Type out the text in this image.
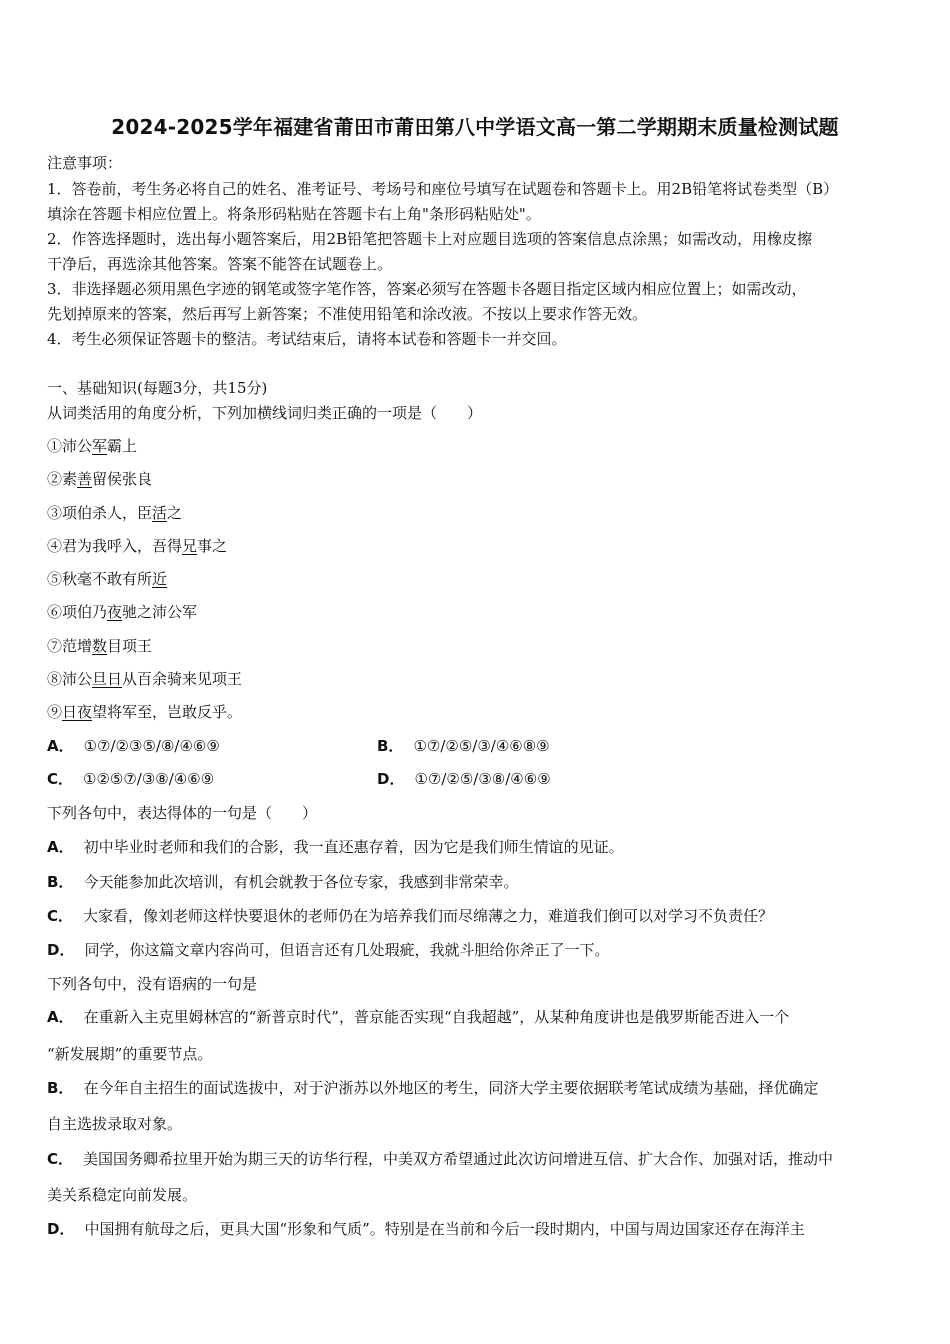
2024-2025学年福建省莆田市莆田第八中学语文高一第二学期期末质量检测试题
注意事项：
1．答卷前，考生务必将自己的姓名、准考证号、考场号和座位号填写在试题卷和答题卡上。用2B铅笔将试卷类型（B）
填涂在答题卡相应位置上。将条形码粘贴在答题卡右上角"条形码粘贴处"。
2．作答选择题时，选出每小题答案后，用2B铅笔把答题卡上对应题目选项的答案信息点涂黑；如需改动，用橡皮擦
干净后，再选涂其他答案。答案不能答在试题卷上。
3．非选择题必须用黑色字迹的钢笔或签字笔作答，答案必须写在答题卡各题目指定区域内相应位置上；如需改动，
先划掉原来的答案，然后再写上新答案；不准使用铅笔和涂改液。不按以上要求作答无效。
4．考生必须保证答题卡的整洁。考试结束后，请将本试卷和答题卡一并交回。
一、基础知识(每题3分，共15分)
从词类活用的角度分析，下列加横线词归类正确的一项是（　　）
①沛公军霸上
②素善留侯张良
③项伯杀人，臣活之
④君为我呼入，吾得兄事之
⑤秋毫不敢有所近
⑥项伯乃夜驰之沛公军
⑦范增数目项王
⑧沛公旦日从百余骑来见项王
⑨日夜望将军至，岂敢反乎。
A． ①⑦/②③⑤/⑧/④⑥⑨	B． ①⑦/②⑤/③/④⑥⑧⑨
C． ①②⑤⑦/③⑧/④⑥⑨	D． ①⑦/②⑤/③⑧/④⑥⑨
下列各句中，表达得体的一句是（　　）
A． 初中毕业时老师和我们的合影，我一直还惠存着，因为它是我们师生情谊的见证。
B． 今天能参加此次培训，有机会就教于各位专家，我感到非常荣幸。
C． 大家看，像刘老师这样快要退休的老师仍在为培养我们而尽绵薄之力，难道我们倒可以对学习不负责任？
D． 同学，你这篇文章内容尚可，但语言还有几处瑕疵，我就斗胆给你斧正了一下。
下列各句中，没有语病的一句是
A． 在重新入主克里姆林宫的“新普京时代”，普京能否实现“自我超越”，从某种角度讲也是俄罗斯能否进入一个
“新发展期”的重要节点。
B． 在今年自主招生的面试选拔中，对于沪浙苏以外地区的考生，同济大学主要依据联考笔试成绩为基础，择优确定
自主选拔录取对象。
C． 美国国务卿希拉里开始为期三天的访华行程，中美双方希望通过此次访问增进互信、扩大合作、加强对话，推动中
美关系稳定向前发展。
D． 中国拥有航母之后，更具大国“形象和气质”。特别是在当前和今后一段时期内，中国与周边国家还存在海洋主
